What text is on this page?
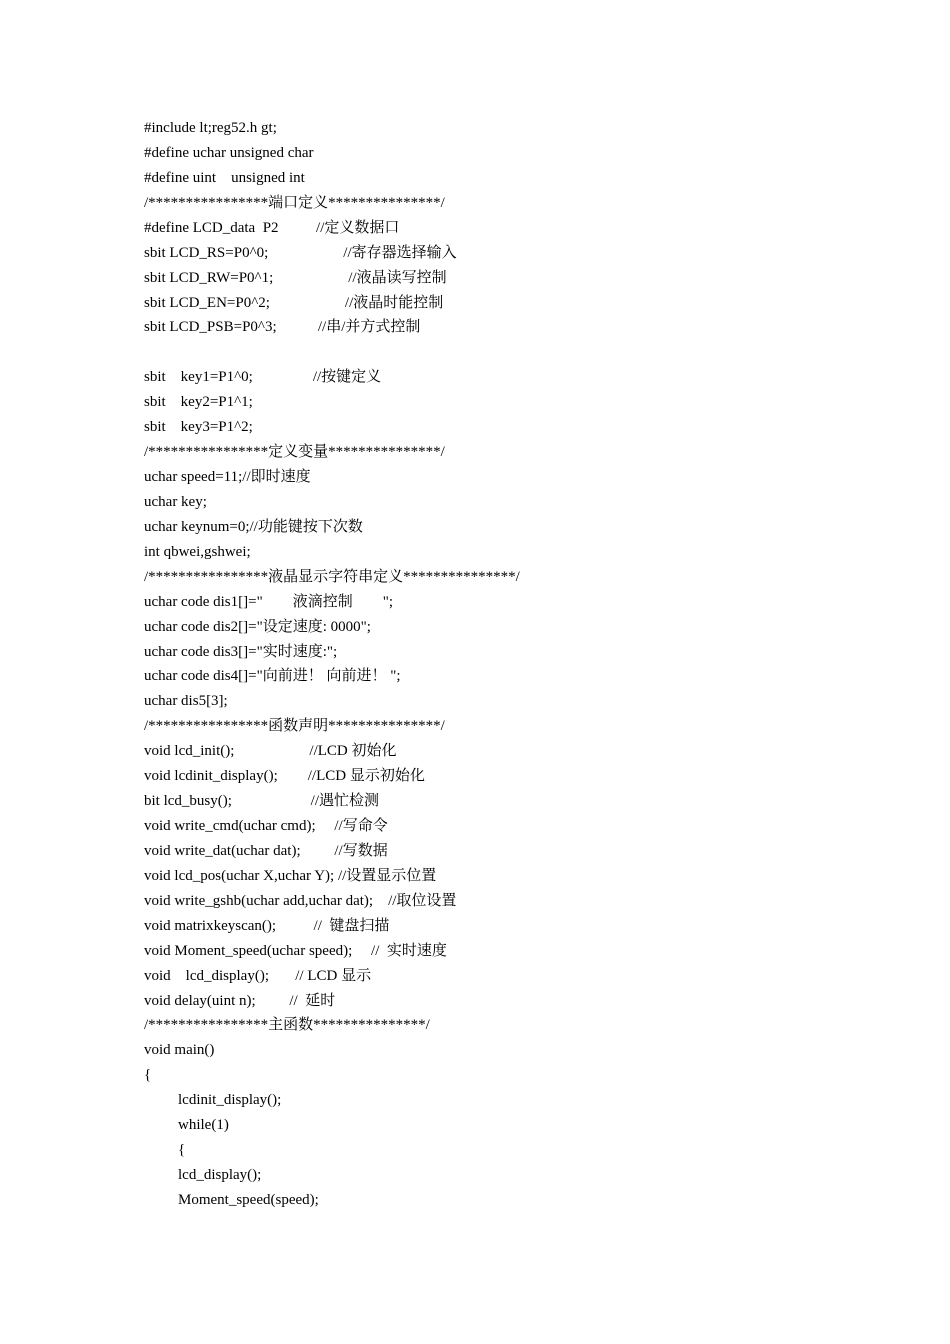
#include lt;reg52.h gt;
#define uchar unsigned char
#define uint    unsigned int
/****************端口定义***************/
#define LCD_data  P2          //定义数据口
sbit LCD_RS=P0^0;                    //寄存器选择输入
sbit LCD_RW=P0^1;                    //液晶读写控制
sbit LCD_EN=P0^2;                    //液晶时能控制
sbit LCD_PSB=P0^3;           //串/并方式控制
sbit    key1=P1^0;                //按键定义
sbit    key2=P1^1;
sbit    key3=P1^2;
/****************定义变量***************/
uchar speed=11;//即时速度
uchar key;
uchar keynum=0;//功能键按下次数
int qbwei,gshwei;
/****************液晶显示字符串定义***************/
uchar code dis1[]="        液滴控制        ";
uchar code dis2[]="设定速度: 0000";
uchar code dis3[]="实时速度:";
uchar code dis4[]="向前进！ 向前进！ ";
uchar dis5[3];
/****************函数声明***************/
void lcd_init();                    //LCD 初始化
void lcdinit_display();        //LCD 显示初始化
bit lcd_busy();                     //遇忙检测
void write_cmd(uchar cmd);     //写命令
void write_dat(uchar dat);         //写数据
void lcd_pos(uchar X,uchar Y); //设置显示位置
void write_gshb(uchar add,uchar dat);    //取位设置
void matrixkeyscan();          //  键盘扫描
void Moment_speed(uchar speed);     //  实时速度
void    lcd_display();       // LCD 显示
void delay(uint n);         //  延时
/****************主函数***************/
void main()
{
lcdinit_display();
while(1)
{
lcd_display();
Moment_speed(speed);
